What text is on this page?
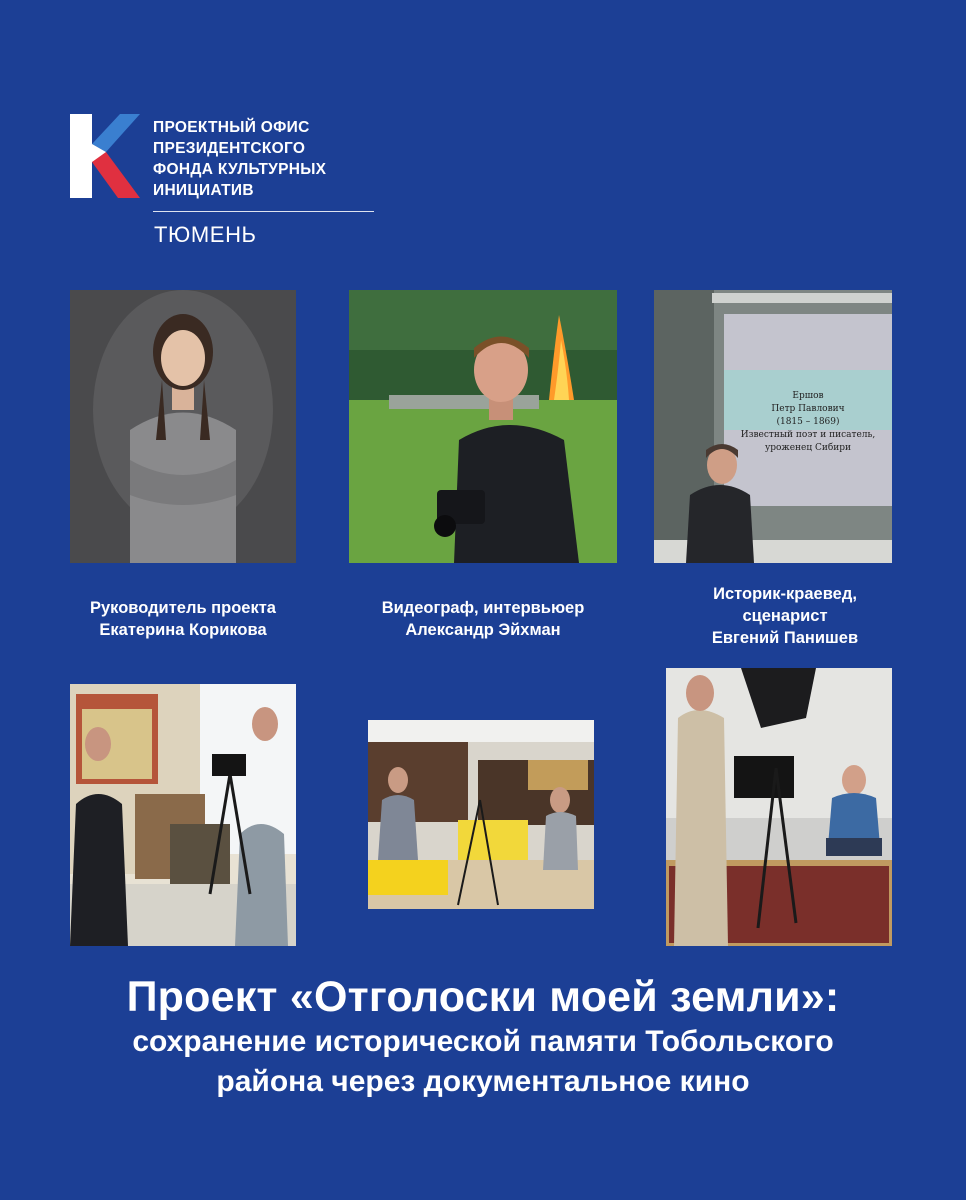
ПРОЕКТНЫЙ ОФИС
ПРЕЗИДЕНТСКОГО
ФОНДА КУЛЬТУРНЫХ
ИНИЦИАТИВ
ТЮМЕНЬ
Ершов
Петр Павлович
(1815 – 1869)
Известный поэт и писатель,
уроженец Сибири
Руководитель проекта
Екатерина Корикова
Видеограф, интервьюер
Александр Эйхман
Историк-краевед,
сценарист
Евгений Панишев
Проект «Отголоски моей земли»:
сохранение исторической памяти Тобольского
района через документальное кино
